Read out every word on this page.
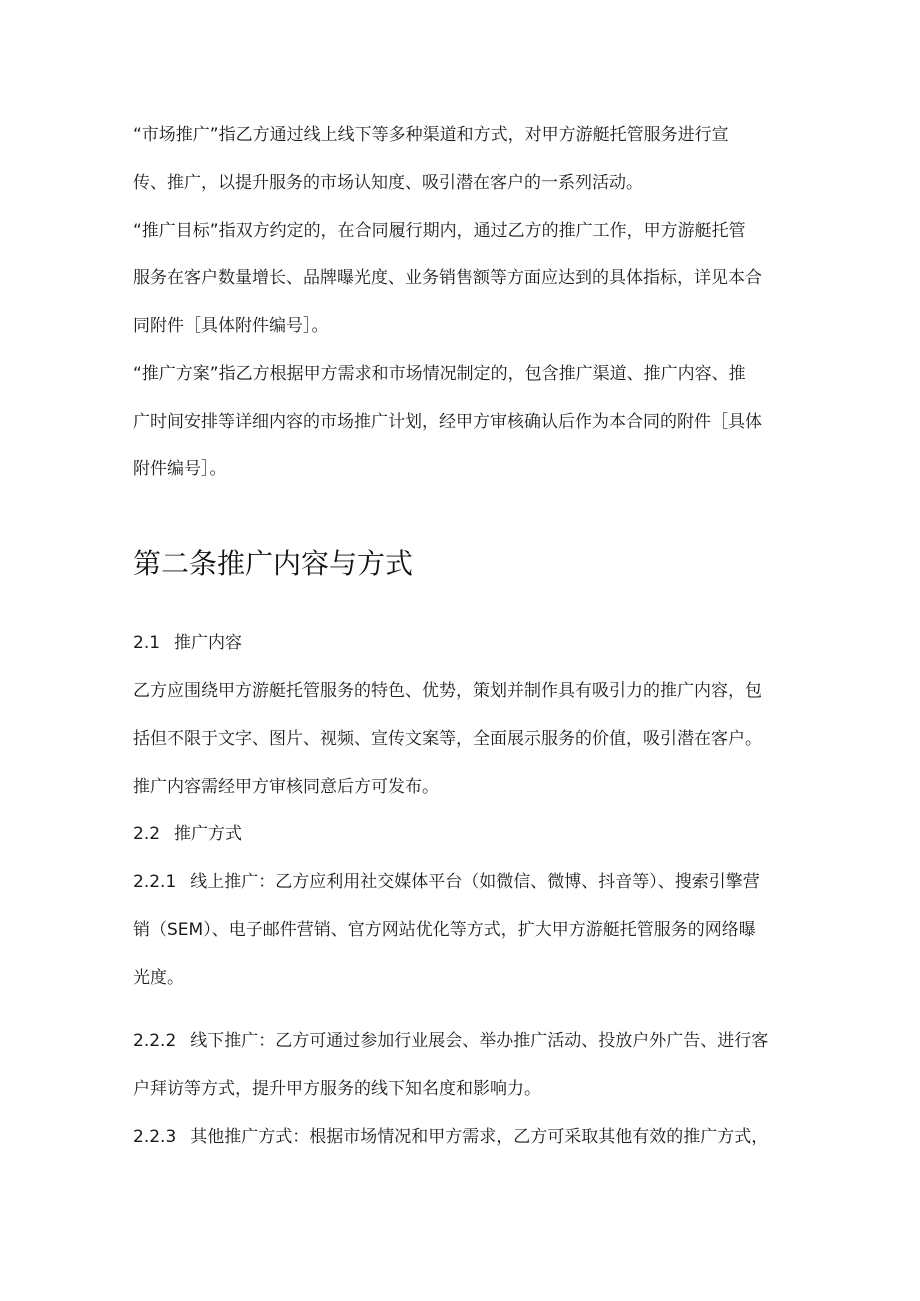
“市场推广”指乙方通过线上线下等多种渠道和方式，对甲方游艇托管服务进行宣
传、推广，以提升服务的市场认知度、吸引潜在客户的一系列活动。
“推广目标”指双方约定的，在合同履行期内，通过乙方的推广工作，甲方游艇托管
服务在客户数量增长、品牌曝光度、业务销售额等方面应达到的具体指标，详见本合
同附件［具体附件编号］。
“推广方案”指乙方根据甲方需求和市场情况制定的，包含推广渠道、推广内容、推
广时间安排等详细内容的市场推广计划，经甲方审核确认后作为本合同的附件［具体
附件编号］。
第二条推广内容与方式
2.1 推广内容
乙方应围绕甲方游艇托管服务的特色、优势，策划并制作具有吸引力的推广内容，包
括但不限于文字、图片、视频、宣传文案等，全面展示服务的价值，吸引潜在客户。
推广内容需经甲方审核同意后方可发布。
2.2 推广方式
2.2.1 线上推广：乙方应利用社交媒体平台（如微信、微博、抖音等）、搜索引擎营
销（SEM）、电子邮件营销、官方网站优化等方式，扩大甲方游艇托管服务的网络曝
光度。
2.2.2 线下推广：乙方可通过参加行业展会、举办推广活动、投放户外广告、进行客
户拜访等方式，提升甲方服务的线下知名度和影响力。
2.2.3 其他推广方式：根据市场情况和甲方需求，乙方可采取其他有效的推广方式，
